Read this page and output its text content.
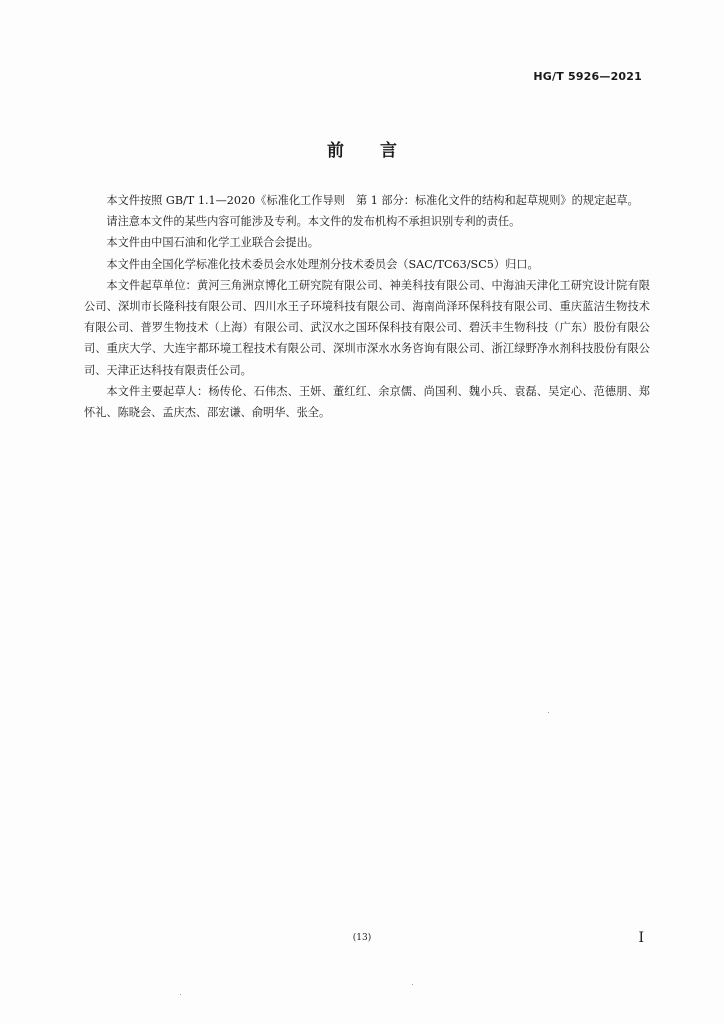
HG/T 5926—2021
前言

本文件按照 GB/T 1.1—2020《标准化工作导则　第 1 部分：标准化文件的结构和起草规则》的规定起草。

请注意本文件的某些内容可能涉及专利。本文件的发布机构不承担识别专利的责任。

本文件由中国石油和化学工业联合会提出。

本文件由全国化学标准化技术委员会水处理剂分技术委员会（SAC/TC63/SC5）归口。

本文件起草单位：黄河三角洲京博化工研究院有限公司、神美科技有限公司、中海油天津化工研究设计院有限公司、深圳市长隆科技有限公司、四川水王子环境科技有限公司、海南尚泽环保科技有限公司、重庆蓝洁生物技术有限公司、普罗生物技术（上海）有限公司、武汉水之国环保科技有限公司、碧沃丰生物科技（广东）股份有限公司、重庆大学、大连宇都环境工程技术有限公司、深圳市深水水务咨询有限公司、浙江绿野净水剂科技股份有限公司、天津正达科技有限责任公司。

本文件主要起草人：杨传伦、石伟杰、王妍、董红红、余京儒、尚国利、魏小兵、袁磊、吴定心、范德朋、郑怀礼、陈晓会、孟庆杰、邵宏谦、俞明华、张全。

(13)	I
